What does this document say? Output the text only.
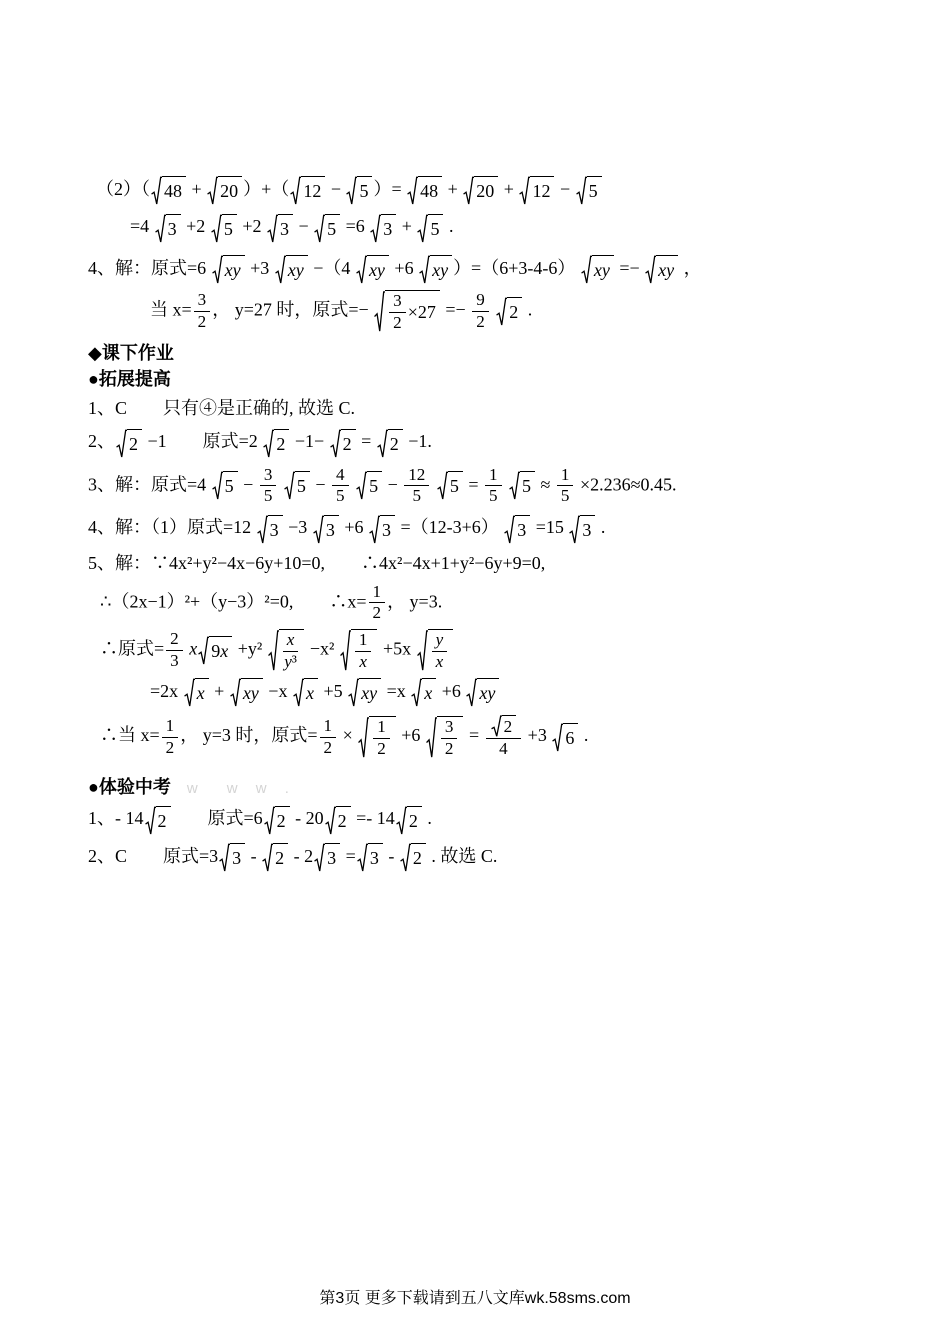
（2）（ 48 + 20 ）+（ 12 − 5 ）= 48 + 20 + 12 − 5
=4 3 +2 5 +2 3 − 5 =6 3 + 5 .
4、解：原式=6 xy +3 xy −（4 xy +6 xy ）=（6+3-4-6） xy =− xy ，
当 $x= \frac{3}{2}$ ， y=27 时，原式=− $\frac{3}{2} \times 27 =- \frac{9}{2}$
2 .
◆课下作业
●拓展提高
1、C　　只有④是正确的, 故选 C.
2、 2 −1　　原式=2 2 −1− 2 = 2 −1.
3、解：原式=4 $5 - \frac{3}{5}$
$5 - \frac{4}{5}$
$5 - \frac{12}{5}$
$5 = \frac{1}{5}$
$5 \approx \frac{1}{5} \times 2.236\approx 0.45$.
4、解：（1）原式=12 3 −3 3 +6 3 =（12-3+6） 3 =15 3 .
5、解：∵4x²+y²−4x−6y+10=0,　　∴4x²−4x+1+y²−6y+9=0,
∴（2x−1）²+（y−3）²=0,　　∴x= $\frac{1}{2}$ ， y=3.
∴原式= $\frac{2}{3}$ x 9 $x +y^2 \frac{x}{\text{y ³}} -x^2 \frac{1}{x} +5x \frac{y}{x}$
=2x x + xy −x x +5 xy =x x +6 xy
∴当 $x= \frac{1}{2}$ ， y=3 时，原式= $\frac{1}{2} \times \frac{1}{2} +6 \frac{3}{2} = \frac{2}{4} +3$ 6 .
●体验中考 w　w w .
1、- 14 2 　　原式=6 2 - 20 2 =- 14 2 .
2、C　　原式=3 3 - 2 - 2 3 = 3 - 2 . 故选 C.
第3页 更多下载请到五八文库wk.58sms.com
